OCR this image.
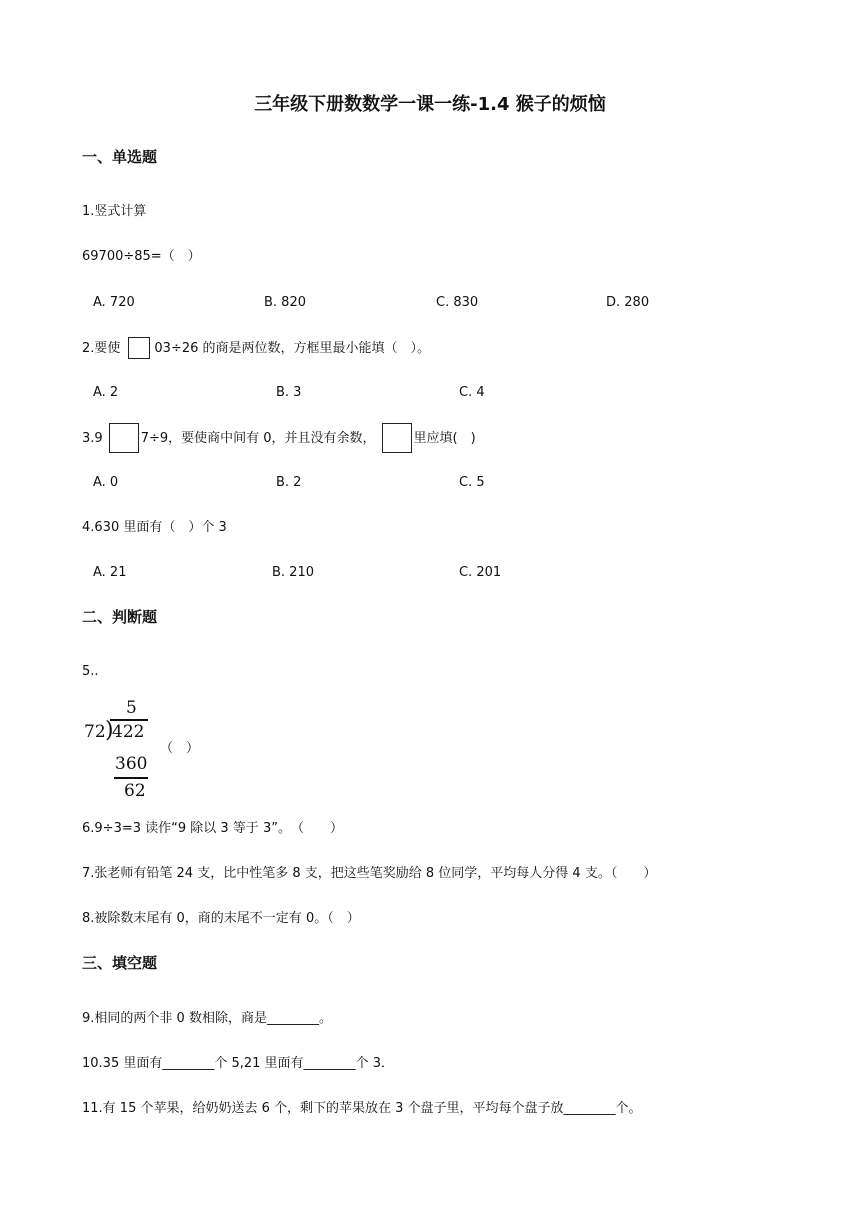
三年级下册数数学一课一练-1.4 猴子的烦恼
一、单选题
1.竖式计算
69700÷85=（　）
A. 720	B. 820	C. 830	D. 280
2.要使	03÷26 的商是两位数，方框里最小能填（　）。
A. 2	B. 3	C. 4
3.9	7÷9，要使商中间有 0，并且没有余数，	里应填(　)
A. 0	B. 2	C. 5
4.630 里面有（　）个 3
A. 21	B. 210	C. 201
二、判断题
5..
5
72 )
422
360
62
（　）
6.9÷3=3 读作“9 除以 3 等于 3”。　（　　）
7.张老师有铅笔 24 支，比中性笔多 8 支，把这些笔奖励给 8 位同学，平均每人分得 4 支。（　　）
8.被除数末尾有 0，商的末尾不一定有 0。（　）
三、填空题
9.相同的两个非 0 数相除，商是________。
10.35 里面有________个 5,21 里面有________个 3．
11.有 15 个苹果，给奶奶送去 6 个，剩下的苹果放在 3 个盘子里，平均每个盘子放________个。
